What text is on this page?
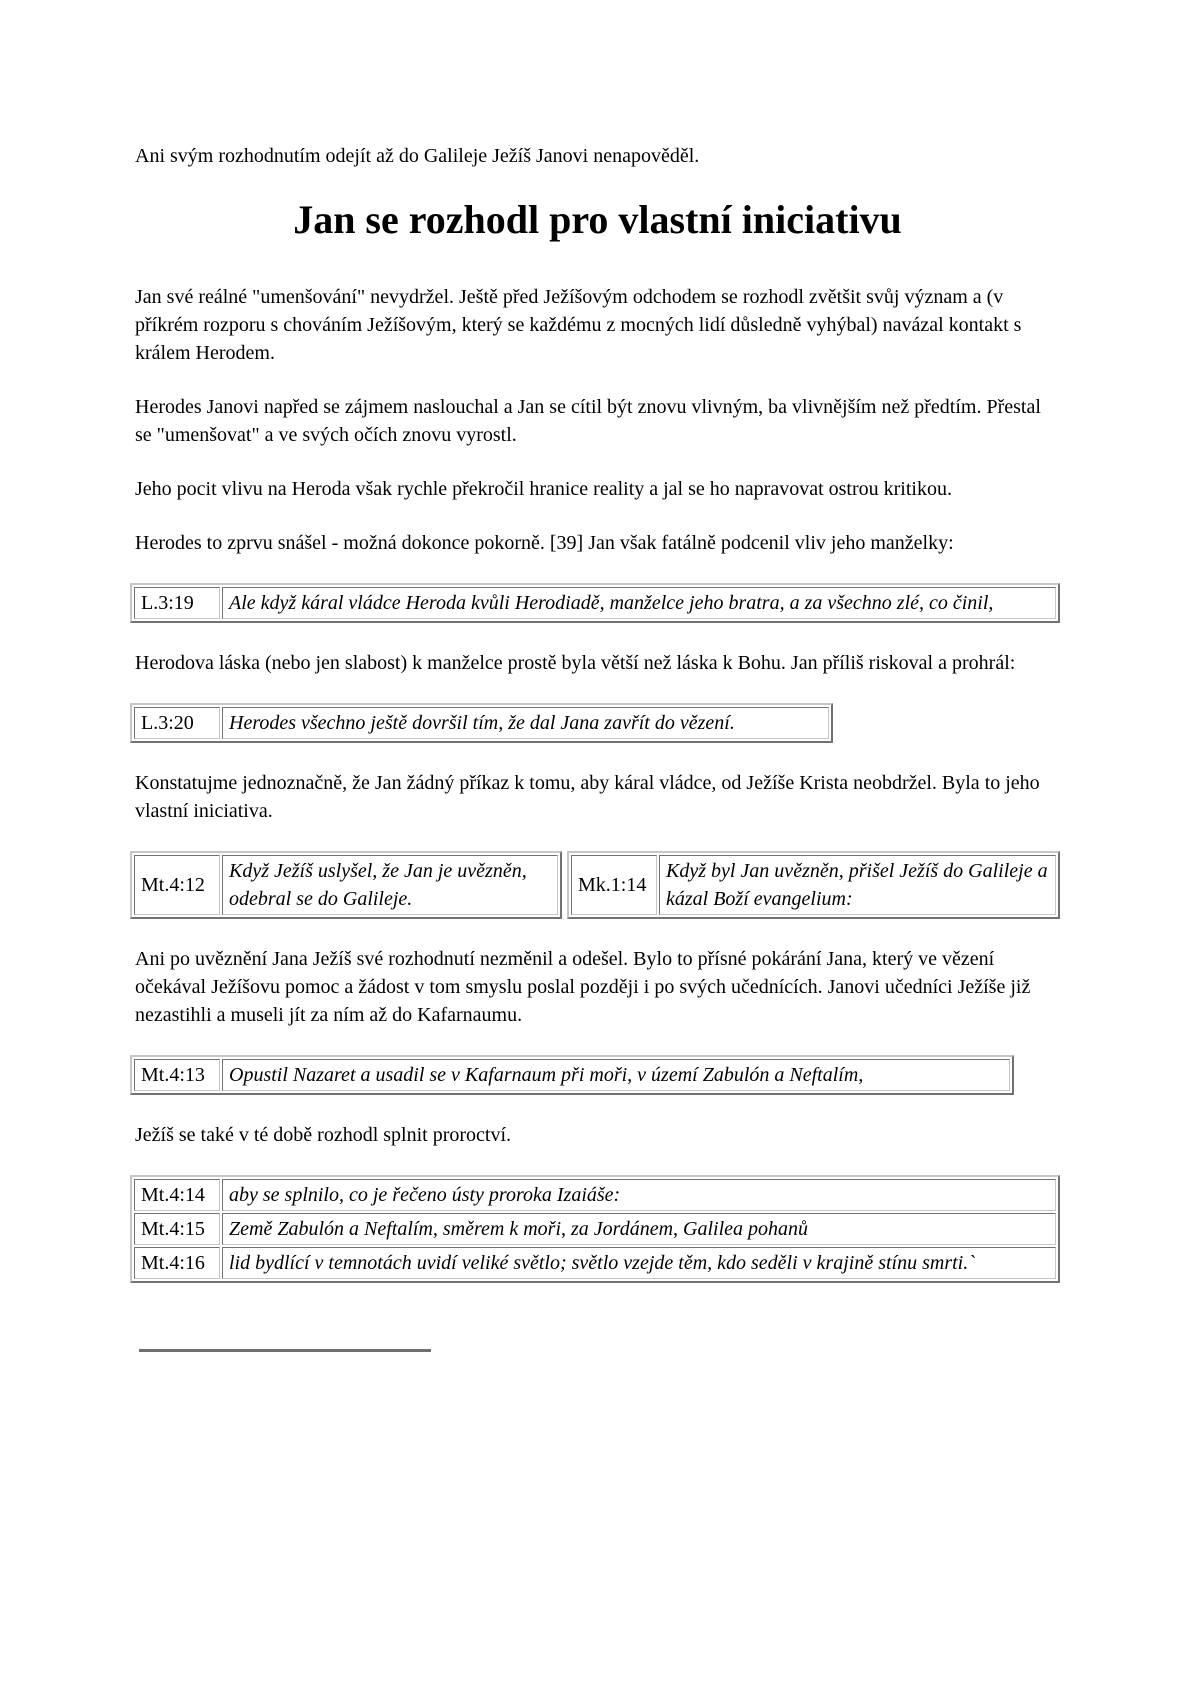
Ani svým rozhodnutím odejít až do Galileje Ježíš Janovi nenapověděl.

Jan se rozhodl pro vlastní iniciativu

Jan své reálné "umenšování" nevydržel. Ještě před Ježíšovým odchodem se rozhodl zvětšit svůj význam a (v příkrém rozporu s chováním Ježíšovým, který se každému z mocných lidí důsledně vyhýbal) navázal kontakt s králem Herodem.

Herodes Janovi napřed se zájmem naslouchal a Jan se cítil být znovu vlivným, ba vlivnějším než předtím. Přestal se "umenšovat" a ve svých očích znovu vyrostl.

Jeho pocit vlivu na Heroda však rychle překročil hranice reality a jal se ho napravovat ostrou kritikou.

Herodes to zprvu snášel - možná dokonce pokorně. [39] Jan však fatálně podcenil vliv jeho manželky:

L.3:19	Ale když káral vládce Heroda kvůli Herodiadě, manželce jeho bratra, a za všechno zlé, co činil,

Herodova láska (nebo jen slabost) k manželce prostě byla větší než láska k Bohu. Jan příliš riskoval a prohrál:

L.3:20	Herodes všechno ještě dovršil tím, že dal Jana zavřít do vězení.

Konstatujme jednoznačně, že Jan žádný příkaz k tomu, aby káral vládce, od Ježíše Krista neobdržel. Byla to jeho vlastní iniciativa.

Mt.4:12	Když Ježíš uslyšel, že Jan je uvězněn, odebral se do Galileje.
Mk.1:14	Když byl Jan uvězněn, přišel Ježíš do Galileje a kázal Boží evangelium:

Ani po uvěznění Jana Ježíš své rozhodnutí nezměnil a odešel. Bylo to přísné pokárání Jana, který ve vězení očekával Ježíšovu pomoc a žádost v tom smyslu poslal později i po svých učednících. Janovi učedníci Ježíše již nezastihli a museli jít za ním až do Kafarnaumu.

Mt.4:13	Opustil Nazaret a usadil se v Kafarnaum při moři, v území Zabulón a Neftalím,

Ježíš se také v té době rozhodl splnit proroctví.

Mt.4:14	aby se splnilo, co je řečeno ústy proroka Izaiáše:
Mt.4:15	Země Zabulón a Neftalím, směrem k moři, za Jordánem, Galilea pohanů
Mt.4:16	lid bydlící v temnotách uvidí veliké světlo; světlo vzejde těm, kdo seděli v krajině stínu smrti.`
